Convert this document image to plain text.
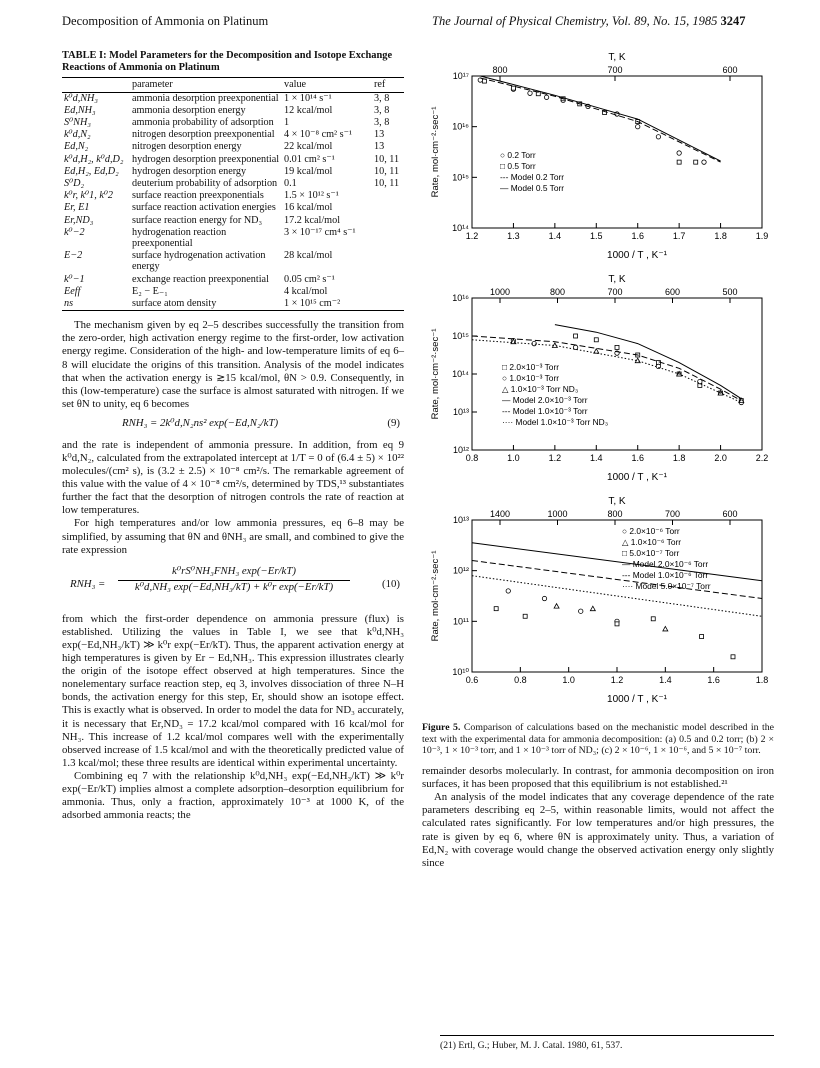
Decomposition of Ammonia on Platinum	The Journal of Physical Chemistry, Vol. 89, No. 15, 1985 3247
TABLE I: Model Parameters for the Decomposition and Isotope Exchange Reactions of Ammonia on Platinum
	parameter	value	ref
k⁰d,NH₃	ammonia desorption preexponential	1 × 10¹⁴ s⁻¹	3, 8
Ed,NH₃	ammonia desorption energy	12 kcal/mol	3, 8
S⁰NH₃	ammonia probability of adsorption	1	3, 8
k⁰d,N₂	nitrogen desorption preexponential	4 × 10⁻⁸ cm² s⁻¹	13
Ed,N₂	nitrogen desorption energy	22 kcal/mol	13
k⁰d,H₂, k⁰d,D₂	hydrogen desorption preexponential	0.01 cm² s⁻¹	10, 11
Ed,H₂, Ed,D₂	hydrogen desorption energy	19 kcal/mol	10, 11
S⁰D₂	deuterium probability of adsorption	0.1	10, 11
k⁰r, k⁰1, k⁰2	surface reaction preexponentials	1.5 × 10¹² s⁻¹	
Er, E1	surface reaction activation energies	16 kcal/mol	
Er,ND₃	surface reaction energy for ND₃	17.2 kcal/mol	
k⁰−2	hydrogenation reaction preexponential	3 × 10⁻¹⁷ cm⁴ s⁻¹	
E−2	surface hydrogenation activation energy	28 kcal/mol	
k⁰−1	exchange reaction preexponential	0.05 cm² s⁻¹	
Eeff	E₂ − E₋₁	4 kcal/mol	
ns	surface atom density	1 × 10¹⁵ cm⁻²	

The mechanism given by eq 2–5 describes successfully the transition from the zero-order, high activation energy regime to the first-order, low activation energy regime. Consideration of the high- and low-temperature limits of eq 6–8 will elucidate the origins of this transition. Analysis of the model indicates that when the activation energy is ≳15 kcal/mol, θN > 0.9. Consequently, in this (low-temperature) case the surface is almost saturated with nitrogen. If we set θN to unity, eq 6 becomes

RNH₃ = 2k⁰d,N₂ns² exp(−Ed,N₂/kT)	(9)

and the rate is independent of ammonia pressure. In addition, from eq 9 k⁰d,N₂, calculated from the extrapolated intercept at 1/T = 0 of (6.4 ± 5) × 10²² molecules/(cm² s), is (3.2 ± 2.5) × 10⁻⁸ cm²/s. The remarkable agreement of this value with the value of 4 × 10⁻⁸ cm²/s, determined by TDS,¹³ substantiates further the fact that the desorption of nitrogen controls the rate of reaction at low temperatures.

For high temperatures and/or low ammonia pressures, eq 6–8 may be simplified, by assuming that θN and θNH₃ are small, and combined to give the rate expression

RNH₃ =
k⁰rS⁰NH₃FNH₃ exp(−Er/kT)
k⁰d,NH₃ exp(−Ed,NH₃/kT) + k⁰r exp(−Er/kT)	(10)

from which the first-order dependence on ammonia pressure (flux) is established. Utilizing the values in Table I, we see that k⁰d,NH₃ exp(−Ed,NH₃/kT) ≫ k⁰r exp(−Er/kT). Thus, the apparent activation energy at high temperatures is given by Er − Ed,NH₃. This expression illustrates clearly the origin of the isotope effect observed at high temperatures. Since the nonelementary surface reaction step, eq 3, involves dissociation of three N–H bonds, the activation energy for this step, Er, should show an isotope effect. This is exactly what is observed. In order to model the data for ND₃ accurately, it is necessary that Er,ND₃ = 17.2 kcal/mol compared with 16 kcal/mol for NH₃. This increase of 1.2 kcal/mol compares well with the experimentally observed increase of 1.5 kcal/mol and with the theoretically predicted value of 1.3 kcal/mol; these three results are identical within experimental uncertainty.

Combining eq 7 with the relationship k⁰d,NH₃ exp(−Ed,NH₃/kT) ≫ k⁰r exp(−Er/kT) implies almost a complete adsorption–desorption equilibrium for ammonia. Thus, only a fraction, approximately 10⁻³ at 1000 K, of the adsorbed ammonia reacts; the

T, K
800	700	600
1.2	1.3	1.4	1.5	1.6	1.7	1.8	1.9
10¹⁴
10¹⁵
10¹⁶
10¹⁷
Rate, mol·cm⁻²·sec⁻¹
1000 / T , K⁻¹
○ 0.2 Torr
□ 0.5 Torr
--- Model 0.2 Torr
— Model 0.5 Torr

T, K
1000	800	700	600	500
0.8	1.0	1.2	1.4	1.6	1.8	2.0	2.2
10¹²
10¹³
10¹⁴
10¹⁵
10¹⁶
Rate, mol·cm⁻²·sec⁻¹
1000 / T , K⁻¹
□ 2.0×10⁻³ Torr
○ 1.0×10⁻³ Torr
△ 1.0×10⁻³ Torr ND₃
— Model 2.0×10⁻³ Torr
--- Model 1.0×10⁻³ Torr
···· Model 1.0×10⁻³ Torr ND₃

T, K
1400	1000	800	700	600
0.6	0.8	1.0	1.2	1.4	1.6	1.8
10¹⁰
10¹¹
10¹²
10¹³
Rate, mol·cm⁻²·sec⁻¹
1000 / T , K⁻¹
○ 2.0×10⁻⁶ Torr
△ 1.0×10⁻⁶ Torr
□ 5.0×10⁻⁷ Torr
— Model 2.0×10⁻⁶ Torr
--- Model 1.0×10⁻⁶ Torr
···· Model 5.0×10⁻⁷ Torr
Figure 5. Comparison of calculations based on the mechanistic model described in the text with the experimental data for ammonia decomposition: (a) 0.5 and 0.2 torr; (b) 2 × 10⁻³, 1 × 10⁻³ torr, and 1 × 10⁻³ torr of ND₃; (c) 2 × 10⁻⁶, 1 × 10⁻⁶, and 5 × 10⁻⁷ torr.

remainder desorbs molecularly. In contrast, for ammonia decomposition on iron surfaces, it has been proposed that this equilibrium is not established.²¹

An analysis of the model indicates that any coverage dependence of the rate parameters describing eq 2–5, within reasonable limits, would not affect the calculated rates significantly. For low temperatures and/or high pressures, the rate is given by eq 6, where θN is approximately unity. Thus, a variation of Ed,N₂ with coverage would change the observed activation energy only slightly since

(21) Ertl, G.; Huber, M. J. Catal. 1980, 61, 537.
